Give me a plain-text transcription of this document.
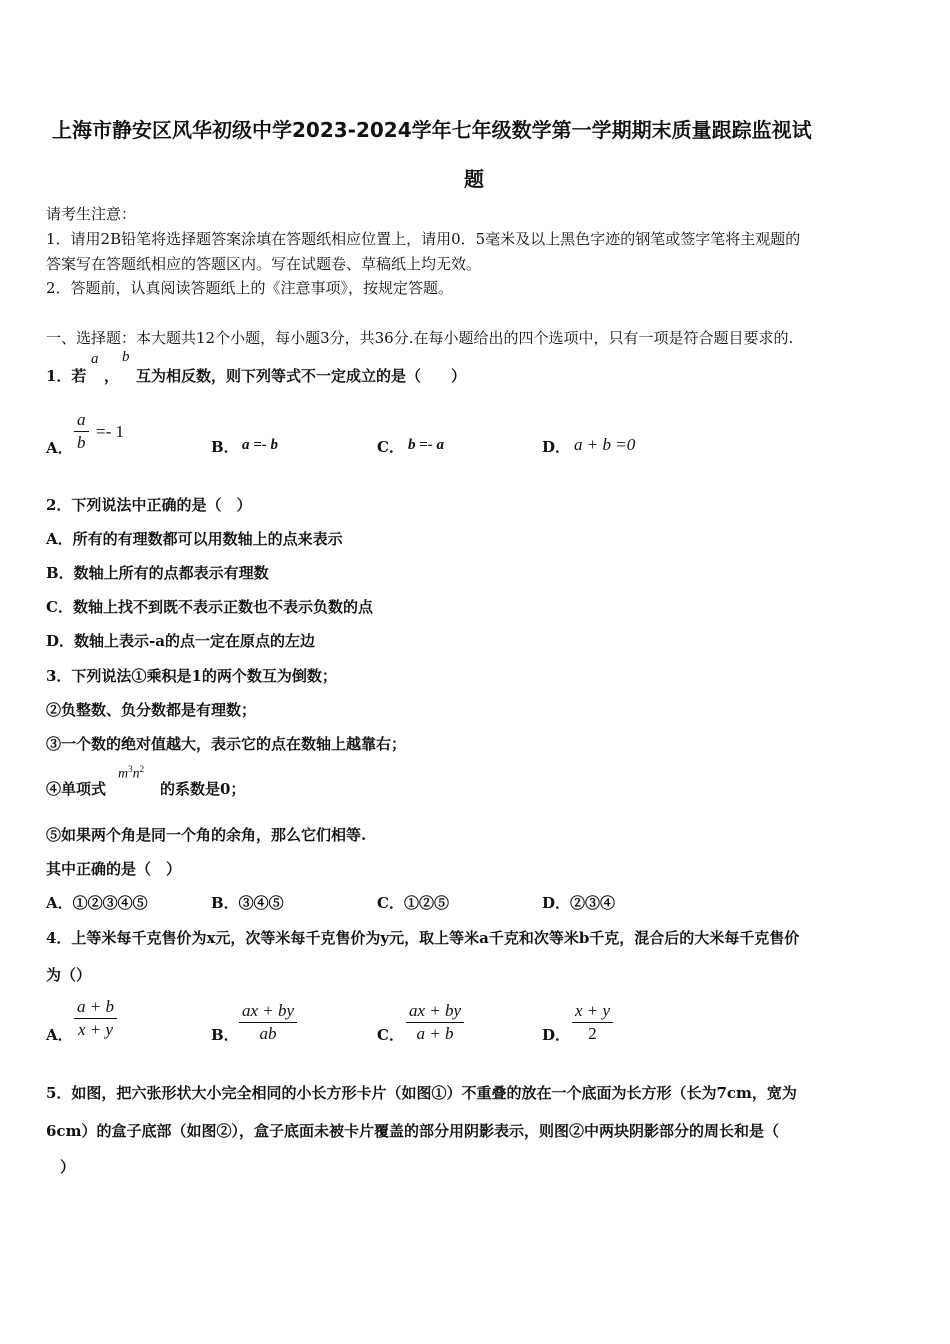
上海市静安区风华初级中学2023-2024学年七年级数学第一学期期末质量跟踪监视试
题
请考生注意：
1．请用2B铅笔将选择题答案涂填在答题纸相应位置上，请用0．5毫米及以上黑色字迹的钢笔或签字笔将主观题的
答案写在答题纸相应的答题区内。写在试题卷、草稿纸上均无效。
2．答题前，认真阅读答题纸上的《注意事项》，按规定答题。
一、选择题：本大题共12个小题，每小题3分，共36分.在每小题给出的四个选项中，只有一项是符合题目要求的.
1．若
a
，
b
互为相反数，则下列等式不一定成立的是（　　）
A．
a
b
=- 1
B． a =- b	C． b =- a	D． a + b =0
2．下列说法中正确的是（　）
A．所有的有理数都可以用数轴上的点来表示
B．数轴上所有的点都表示有理数
C．数轴上找不到既不表示正数也不表示负数的点
D．数轴上表示-a的点一定在原点的左边
3．下列说法①乘积是1的两个数互为倒数；
②负整数、负分数都是有理数；
③一个数的绝对值越大，表示它的点在数轴上越靠右；
④单项式
$m^3n^2$
的系数是0；
⑤如果两个角是同一个角的余角，那么它们相等.
其中正确的是（　）
A．①②③④⑤	B．③④⑤	C．①②⑤	D．②③④
4．上等米每千克售价为x元，次等米每千克售价为y元，取上等米a千克和次等米b千克，混合后的大米每千克售价
为（）
A．
a + b
x + y	B．
ax + by
ab	C．
ax + by
a + b	D．
x + y
2
5．如图，把六张形状大小完全相同的小长方形卡片（如图①）不重叠的放在一个底面为长方形（长为7cm，宽为
6cm）的盒子底部（如图②），盒子底面未被卡片覆盖的部分用阴影表示，则图②中两块阴影部分的周长和是（
）
